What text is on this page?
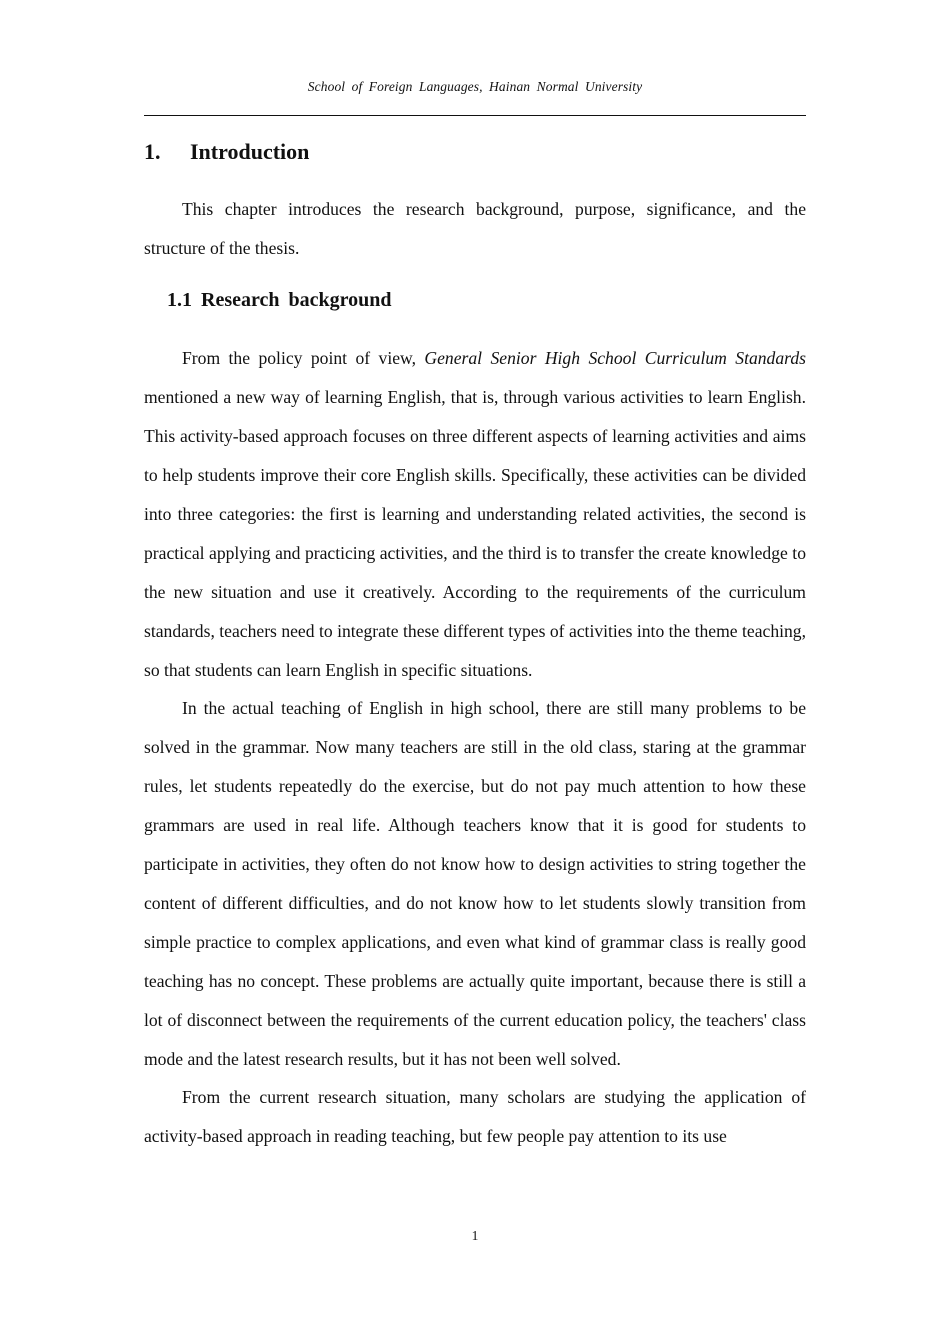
School of Foreign Languages, Hainan Normal University
1. Introduction

This chapter introduces the research background, purpose, significance, and the structure of the thesis.

1.1 Research background

From the policy point of view, General Senior High School Curriculum Standards mentioned a new way of learning English, that is, through various activities to learn English. This activity-based approach focuses on three different aspects of learning activities and aims to help students improve their core English skills. Specifically, these activities can be divided into three categories: the first is learning and understanding related activities, the second is practical applying and practicing activities, and the third is to transfer the create knowledge to the new situation and use it creatively. According to the requirements of the curriculum standards, teachers need to integrate these different types of activities into the theme teaching, so that students can learn English in specific situations.

In the actual teaching of English in high school, there are still many problems to be solved in the grammar. Now many teachers are still in the old class, staring at the grammar rules, let students repeatedly do the exercise, but do not pay much attention to how these grammars are used in real life. Although teachers know that it is good for students to participate in activities, they often do not know how to design activities to string together the content of different difficulties, and do not know how to let students slowly transition from simple practice to complex applications, and even what kind of grammar class is really good teaching has no concept. These problems are actually quite important, because there is still a lot of disconnect between the requirements of the current education policy, the teachers' class mode and the latest research results, but it has not been well solved.

From the current research situation, many scholars are studying the application of activity-based approach in reading teaching, but few people pay attention to its use

1
